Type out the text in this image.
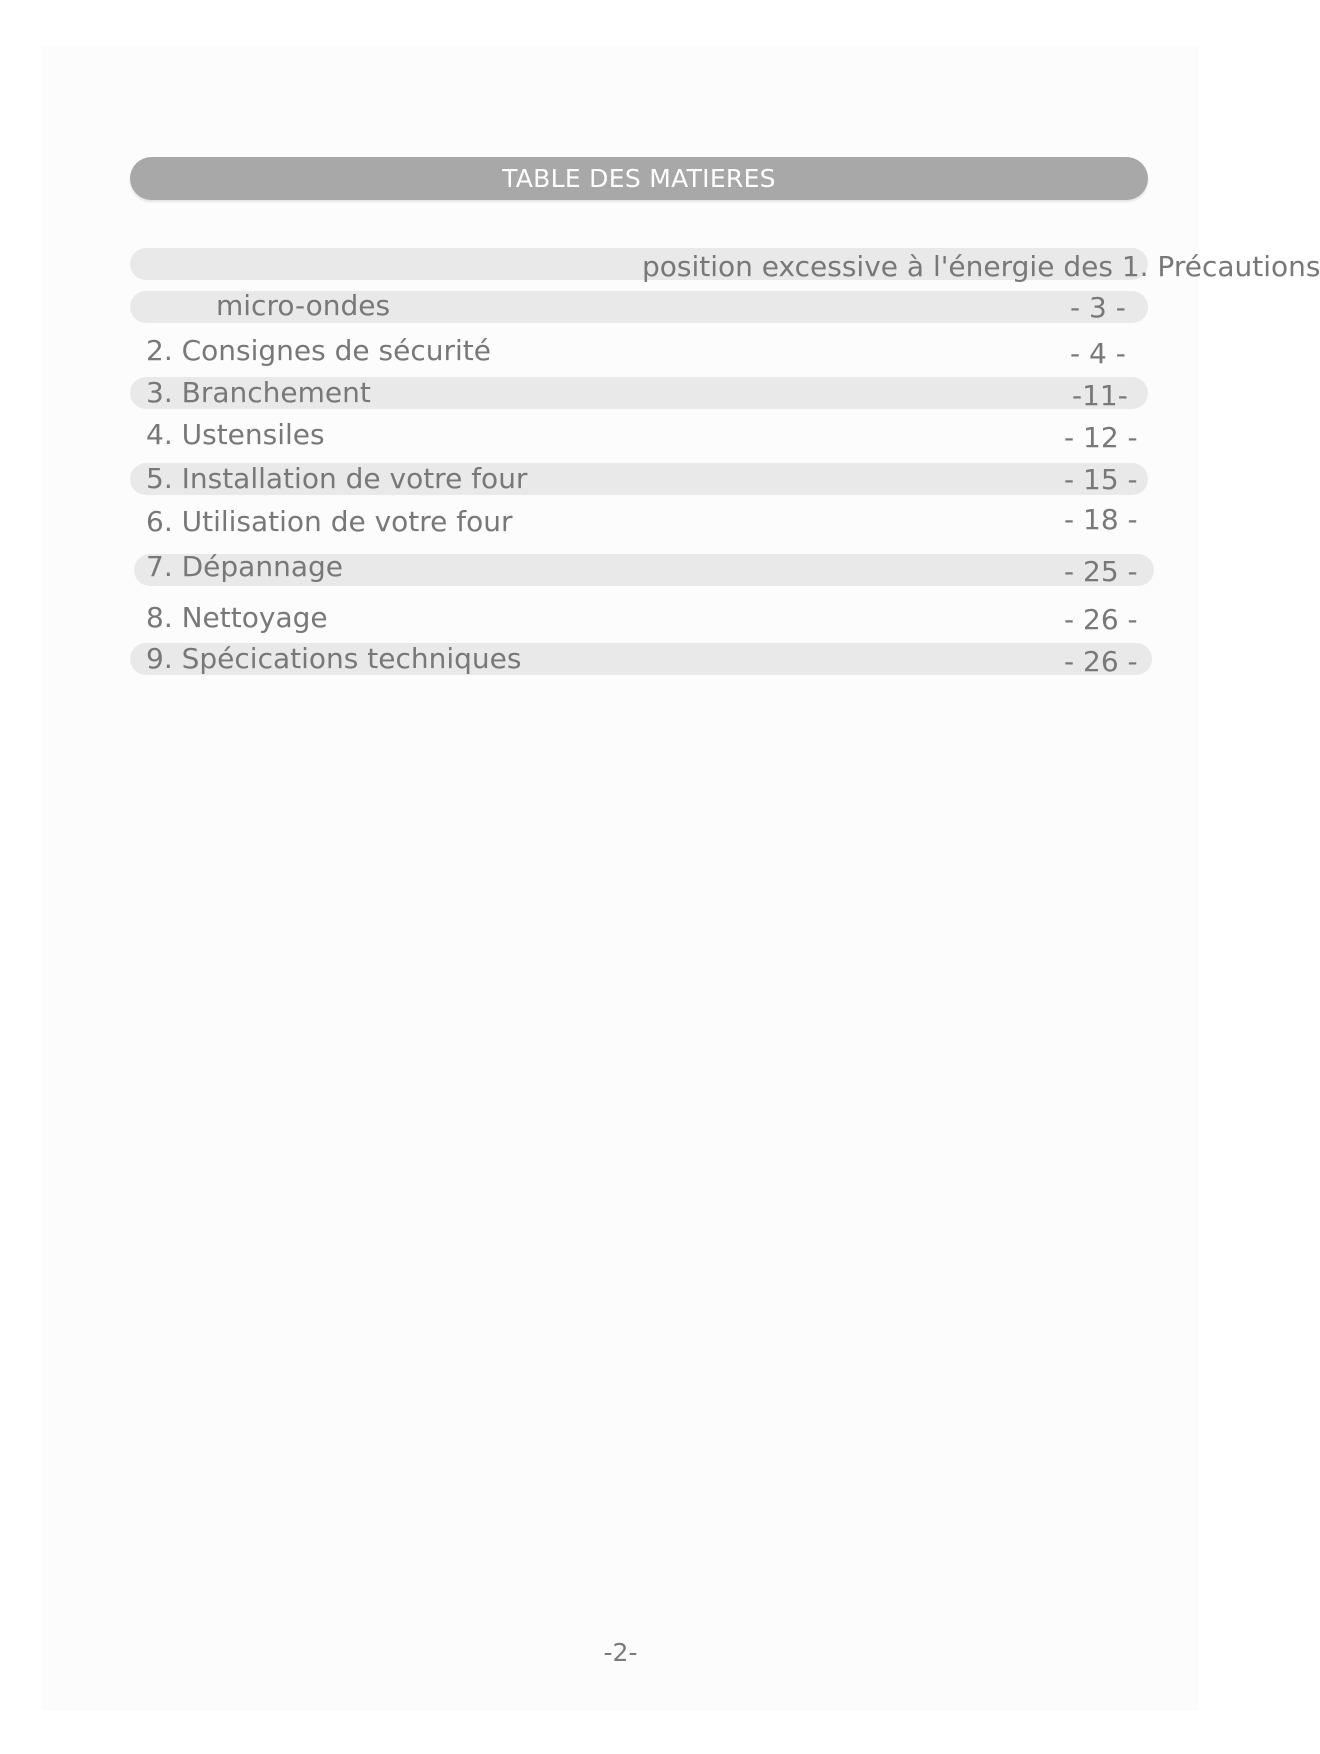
TABLE DES MATIERES
position excessive à l'énergie des 1. Précautions
micro-ondes	- 3 -
2. Consignes de sécurité	- 4 -
3. Branchement	-11-
4. Ustensiles	- 12 -
5. Installation de votre four	- 15 -
6. Utilisation de votre four	- 18 -
7. Dépannage	- 25 -
8. Nettoyage	- 26 -
9. Spécications techniques	- 26 -
-2-
